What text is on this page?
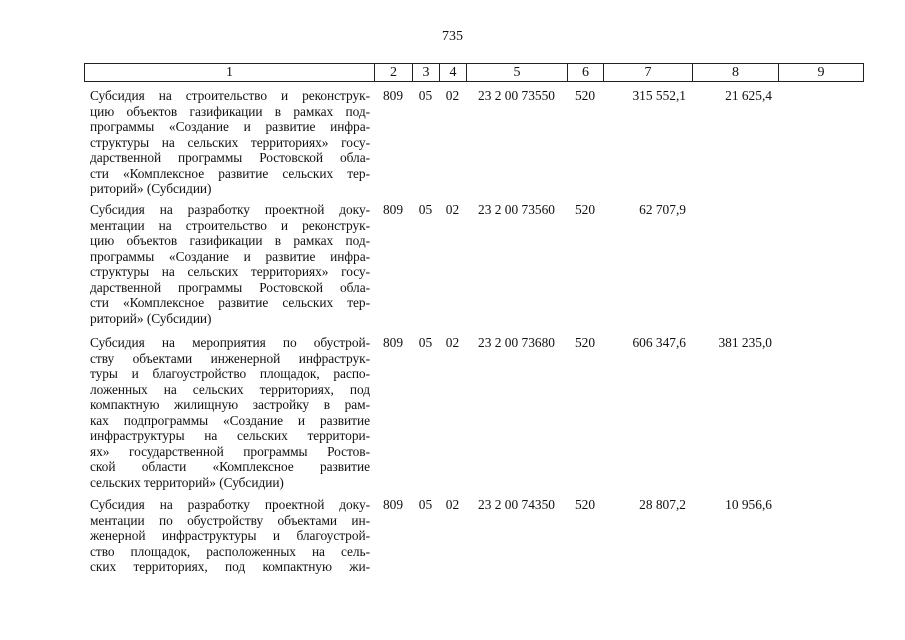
735
1	2	3	4	5	6	7	8	9
Субсидия на строительство и реконструк-
цию объектов газификации в рамках под-
программы «Создание и развитие инфра-
структуры на сельских территориях» госу-
дарственной программы Ростовской обла-
сти «Комплексное развитие сельских тер-
риторий» (Субсидии)
809	05	02	23 2 00 73550	520	315 552,1	21 625,4
Субсидия на разработку проектной доку-
ментации на строительство и реконструк-
цию объектов газификации в рамках под-
программы «Создание и развитие инфра-
структуры на сельских территориях» госу-
дарственной программы Ростовской обла-
сти «Комплексное развитие сельских тер-
риторий» (Субсидии)
809	05	02	23 2 00 73560	520	62 707,9
Субсидия на мероприятия по обустрой-
ству объектами инженерной инфраструк-
туры и благоустройство площадок, распо-
ложенных на сельских территориях, под
компактную жилищную застройку в рам-
ках подпрограммы «Создание и развитие
инфраструктуры на сельских территори-
ях» государственной программы Ростов-
ской области «Комплексное развитие
сельских территорий» (Субсидии)
809	05	02	23 2 00 73680	520	606 347,6	381 235,0
Субсидия на разработку проектной доку-
ментации по обустройству объектами ин-
женерной инфраструктуры и благоустрой-
ство площадок, расположенных на сель-
ских территориях, под компактную жи-
809	05	02	23 2 00 74350	520	28 807,2	10 956,6
